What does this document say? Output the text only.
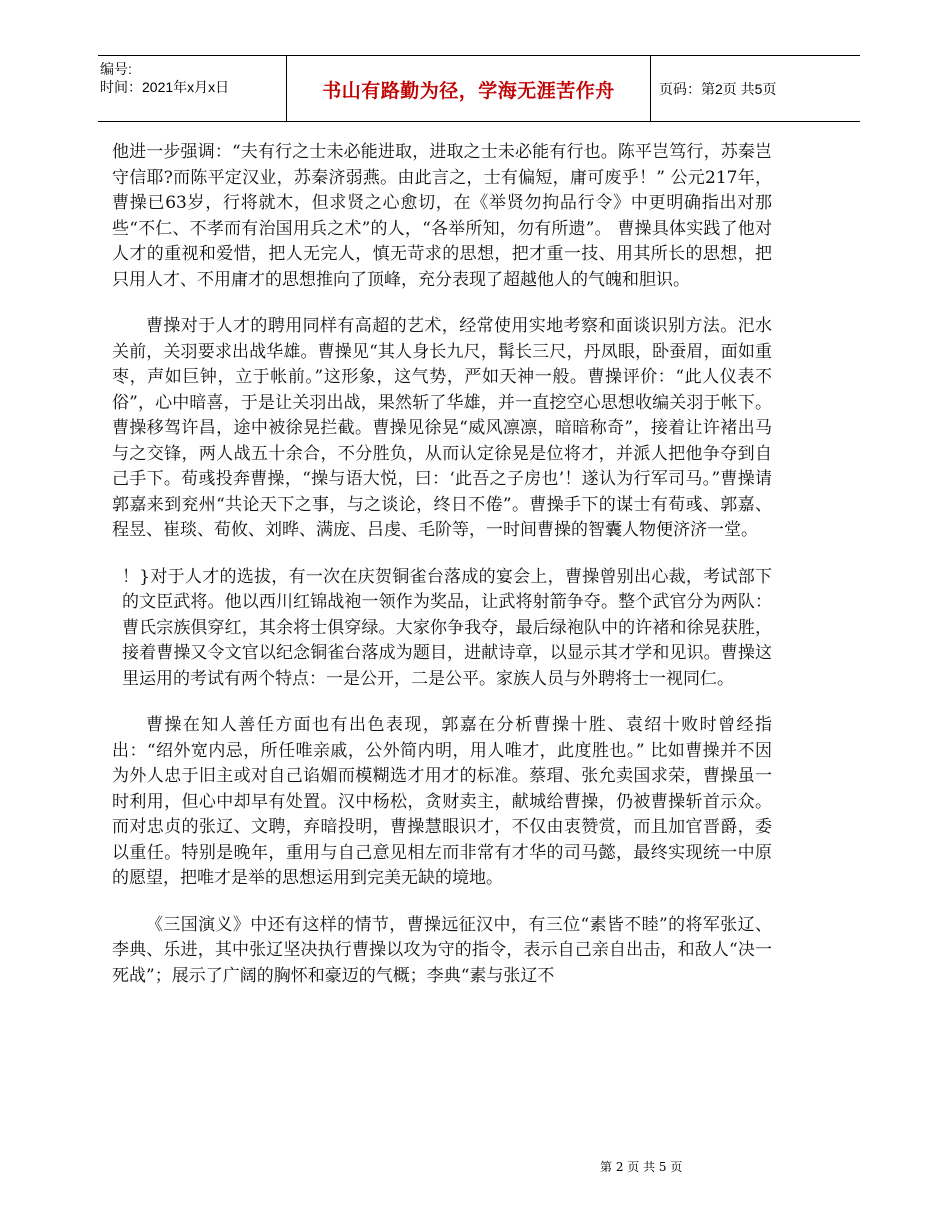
编号:
时间：2021年x月x日	书山有路勤为径，学海无涯苦作舟	页码：第2页 共5页

他进一步强调：“夫有行之士未必能进取，进取之士未必能有行也。陈平岂笃行，苏秦岂守信耶?而陈平定汉业，苏秦济弱燕。由此言之，士有偏短，庸可废乎！” 公元217年，曹操已63岁，行将就木，但求贤之心愈切，在《举贤勿拘品行令》中更明确指出对那些“不仁、不孝而有治国用兵之术”的人，“各举所知，勿有所遗”。 曹操具体实践了他对人才的重视和爱惜，把人无完人，慎无苛求的思想，把才重一技、用其所长的思想，把只用人才、不用庸才的思想推向了顶峰，充分表现了超越他人的气魄和胆识。

曹操对于人才的聘用同样有高超的艺术，经常使用实地考察和面谈识别方法。汜水关前，关羽要求出战华雄。曹操见“其人身长九尺，髯长三尺，丹凤眼，卧蚕眉，面如重枣，声如巨钟，立于帐前。”这形象，这气势，严如天神一般。曹操评价：“此人仪表不俗”，心中暗喜，于是让关羽出战，果然斩了华雄，并一直挖空心思想收编关羽于帐下。曹操移驾许昌，途中被徐晃拦截。曹操见徐晃“威风凛凛，暗暗称奇”，接着让许褚出马与之交锋，两人战五十余合，不分胜负，从而认定徐晃是位将才，并派人把他争夺到自己手下。荀彧投奔曹操，“操与语大悦，曰：‘此吾之子房也’！遂认为行军司马。”曹操请郭嘉来到兖州“共论天下之事，与之谈论，终日不倦”。曹操手下的谋士有荀彧、郭嘉、程昱、崔琰、荀攸、刘晔、满庞、吕虔、毛阶等，一时间曹操的智囊人物便济济一堂。

！}对于人才的选拔，有一次在庆贺铜雀台落成的宴会上，曹操曾别出心裁，考试部下的文臣武将。他以西川红锦战袍一领作为奖品，让武将射箭争夺。整个武官分为两队：曹氏宗族俱穿红，其余将士俱穿绿。大家你争我夺，最后绿袍队中的许褚和徐晃获胜，接着曹操又令文官以纪念铜雀台落成为题目，进献诗章，以显示其才学和见识。曹操这里运用的考试有两个特点：一是公开，二是公平。家族人员与外聘将士一视同仁。

曹操在知人善任方面也有出色表现，郭嘉在分析曹操十胜、袁绍十败时曾经指出：“绍外宽内忌，所任唯亲戚，公外简内明，用人唯才，此度胜也。” 比如曹操并不因为外人忠于旧主或对自己谄媚而模糊选才用才的标准。蔡瑁、张允卖国求荣，曹操虽一时利用，但心中却早有处置。汉中杨松，贪财卖主，献城给曹操，仍被曹操斩首示众。而对忠贞的张辽、文聘，弃暗投明，曹操慧眼识才，不仅由衷赞赏，而且加官晋爵，委以重任。特别是晚年，重用与自己意见相左而非常有才华的司马懿，最终实现统一中原的愿望，把唯才是举的思想运用到完美无缺的境地。

《三国演义》中还有这样的情节，曹操远征汉中，有三位“素皆不睦”的将军张辽、李典、乐进，其中张辽坚决执行曹操以攻为守的指令，表示自己亲自出击，和敌人“决一死战”；展示了广阔的胸怀和豪迈的气概；李典“素与张辽不

第 2 页 共 5 页
